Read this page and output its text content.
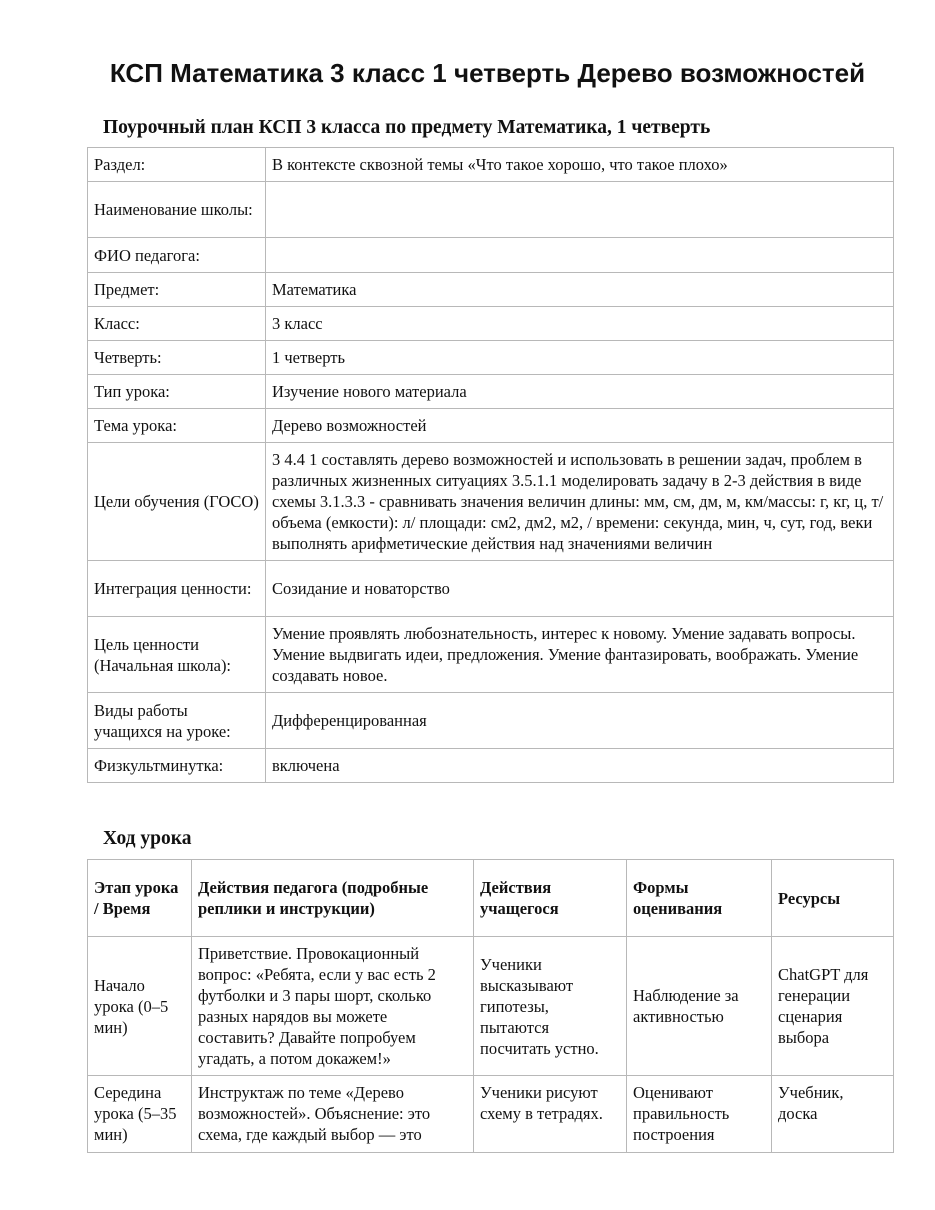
КСП Математика 3 класс 1 четверть Дерево возможностей
Поурочный план КСП 3 класса по предмету Математика, 1 четверть
Раздел:	В контексте сквозной темы «Что такое хорошо, что такое плохо»
Наименование школы:	
ФИО педагога:	
Предмет:	Математика
Класс:	3 класс
Четверть:	1 четверть
Тип урока:	Изучение нового материала
Тема урока:	Дерево возможностей
Цели обучения (ГОСО)	3 4.4 1 составлять дерево возможностей и использовать в решении задач, проблем в различных жизненных ситуациях 3.5.1.1 моделировать задачу в 2-3 действия в виде схемы 3.1.3.3 - сравнивать значения величин длины: мм, см, дм, м, км/массы: г, кг, ц, т/объема (емкости): л/ площади: см2, дм2, м2, / времени: секунда, мин, ч, сут, год, веки выполнять арифметические действия над значениями величин
Интеграция ценности:	Созидание и новаторство
Цель ценности (Начальная школа):	Умение проявлять любознательность, интерес к новому. Умение задавать вопросы. Умение выдвигать идеи, предложения. Умение фантазировать, воображать. Умение создавать новое.
Виды работы учащихся на уроке:	Дифференцированная
Физкультминутка:	включена
Ход урока
Этап урока / Время	Действия педагога (подробные реплики и инструкции)	Действия учащегося	Формы оценивания	Ресурсы
Начало урока (0–5 мин)	Приветствие. Провокационный вопрос: «Ребята, если у вас есть 2 футболки и 3 пары шорт, сколько разных нарядов вы можете составить? Давайте попробуем угадать, а потом докажем!»	Ученики высказывают гипотезы, пытаются посчитать устно.	Наблюдение за активностью	ChatGPT для генерации сценария выбора
Середина урока (5–35 мин)	Инструктаж по теме «Дерево возможностей». Объяснение: это схема, где каждый выбор — это	Ученики рисуют схему в тетрадях.	Оценивают правильность построения	Учебник, доска
